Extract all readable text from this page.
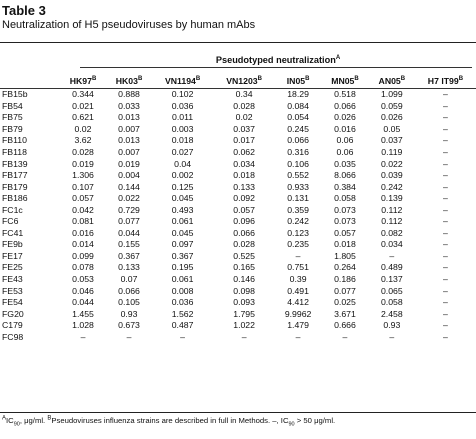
Table 3
Neutralization of H5 pseudoviruses by human mAbs
Pseudotyped neutralization$^A$
	$HK97^B$	$HK03^B$	$VN1194^B$	$VN1203^B$	$IN05^B$	$MN05^B$	$AN05^B$	H7 $IT99^B$
FB15b	0.344	0.888	0.102	0.34	18.29	0.518	1.099	–
FB54	0.021	0.033	0.036	0.028	0.084	0.066	0.059	–
FB75	0.621	0.013	0.011	0.02	0.054	0.026	0.026	–
FB79	0.02	0.007	0.003	0.037	0.245	0.016	0.05	–
FB110	3.62	0.013	0.018	0.017	0.066	0.06	0.037	–
FB118	0.028	0.007	0.027	0.062	0.316	0.06	0.119	–
FB139	0.019	0.019	0.04	0.034	0.106	0.035	0.022	–
FB177	1.306	0.004	0.002	0.018	0.552	8.066	0.039	–
FB179	0.107	0.144	0.125	0.133	0.933	0.384	0.242	–
FB186	0.057	0.022	0.045	0.092	0.131	0.058	0.139	–
FC1c	0.042	0.729	0.493	0.057	0.359	0.073	0.112	–
FC6	0.081	0.077	0.061	0.096	0.242	0.073	0.112	–
FC41	0.016	0.044	0.045	0.066	0.123	0.057	0.082	–
FE9b	0.014	0.155	0.097	0.028	0.235	0.018	0.034	–
FE17	0.099	0.367	0.367	0.525	–	1.805	–	–
FE25	0.078	0.133	0.195	0.165	0.751	0.264	0.489	–
FE43	0.053	0.07	0.061	0.146	0.39	0.186	0.137	–
FE53	0.046	0.066	0.008	0.098	0.491	0.077	0.065	–
FE54	0.044	0.105	0.036	0.093	4.412	0.025	0.058	–
FG20	1.455	0.93	1.562	1.795	9.9962	3.671	2.458	–
C179	1.028	0.673	0.487	1.022	1.479	0.666	0.93	–
FC98	–	–	–	–	–	–	–	–
$^AIC_{90}$, μg/ml. $^B$Pseudoviruses influenza strains are described in full in Methods. –, $IC_{90} > 50$ μg/ml.
